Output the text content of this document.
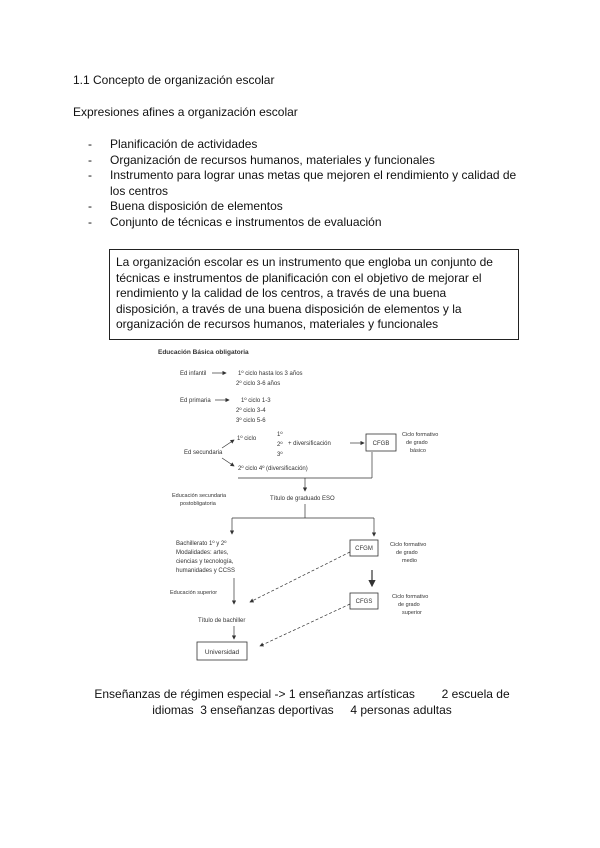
1.1 Concepto de organización escolar
Expresiones afines a organización escolar
- Planificación de actividades
- Organización de recursos humanos, materiales y funcionales
- Instrumento para lograr unas metas que mejoren el rendimiento y calidad de los centros
- Buena disposición de elementos
- Conjunto de técnicas e instrumentos de evaluación
La organización escolar es un instrumento que engloba un conjunto de técnicas e instrumentos de planificación con el objetivo de mejorar el rendimiento y la calidad de los centros, a través de una buena disposición, a través de una buena disposición de elementos y la organización de recursos humanos, materiales y funcionales
Educación Básica obligatoria
Ed infantil	1º ciclo hasta los 3 años
2º ciclo 3-6 años
Ed primaria	1º ciclo 1-3
2º ciclo 3-4
3º ciclo 5-6
Ed secundaria
1º ciclo
1º
2º
3º
+ diversificación	CFGB
Ciclo formativo
de grado
básico
2º ciclo 4º (diversificación)
Educación secundaria
postobligatoria
Título de graduado ESO
Bachillerato 1º y 2º
Modalidades: artes,
ciencias y tecnología,
humanidades y CCSS
CFGM
Ciclo formativo
de grado
medio
Educación superior
CFGS
Ciclo formativo
de grado
superior
Título de bachiller
Universidad
Enseñanzas de régimen especial -> 1 enseñanzas artísticas        2 escuela de
idiomas  3 enseñanzas deportivas     4 personas adultas
